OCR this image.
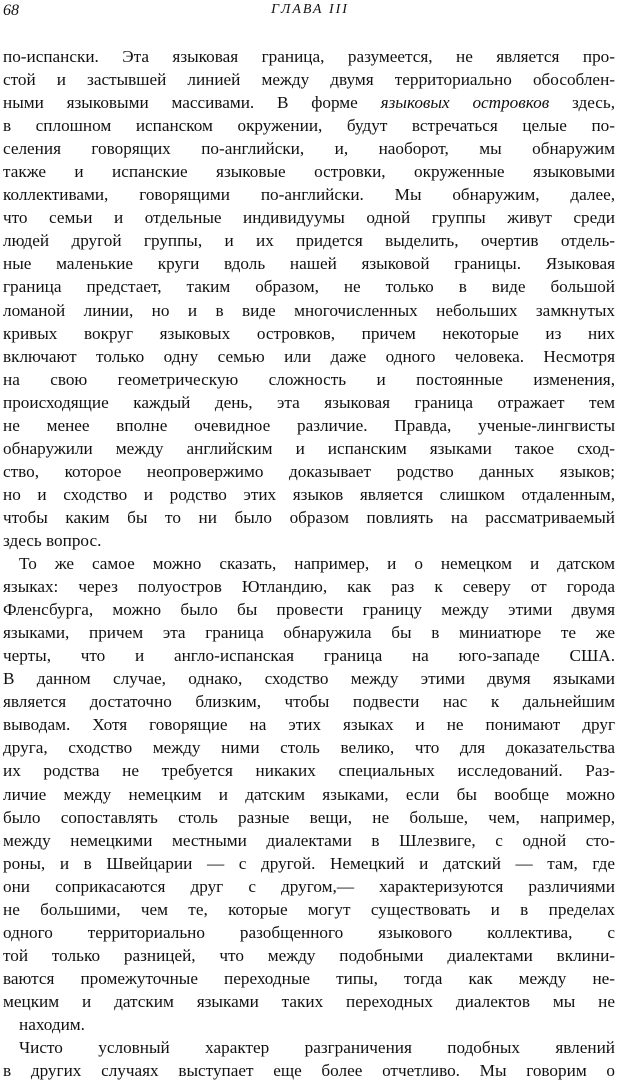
68	ГЛАВА III
по-испански. Эта языковая граница, разумеется, не является про-
стой и застывшей линией между двумя территориально обособлен-
ными языковыми массивами. В форме языковых островков здесь,
в сплошном испанском окружении, будут встречаться целые по-
селения говорящих по-английски, и, наоборот, мы обнаружим
также и испанские языковые островки, окруженные языковыми
коллективами, говорящими по-английски. Мы обнаружим, далее,
что семьи и отдельные индивидуумы одной группы живут среди
людей другой группы, и их придется выделить, очертив отдель-
ные маленькие круги вдоль нашей языковой границы. Языковая
граница предстает, таким образом, не только в виде большой
ломаной линии, но и в виде многочисленных небольших замкнутых
кривых вокруг языковых островков, причем некоторые из них
включают только одну семью или даже одного человека. Несмотря
на свою геометрическую сложность и постоянные изменения,
происходящие каждый день, эта языковая граница отражает тем
не менее вполне очевидное различие. Правда, ученые-лингвисты
обнаружили между английским и испанским языками такое сход-
ство, которое неопровержимо доказывает родство данных языков;
но и сходство и родство этих языков является слишком отдаленным,
чтобы каким бы то ни было образом повлиять на рассматриваемый
здесь вопрос.
То же самое можно сказать, например, и о немецком и датском
языках: через полуостров Ютландию, как раз к северу от города
Фленсбурга, можно было бы провести границу между этими двумя
языками, причем эта граница обнаружила бы в миниатюре те же
черты, что и англо-испанская граница на юго-западе США.
В данном случае, однако, сходство между этими двумя языками
является достаточно близким, чтобы подвести нас к дальнейшим
выводам. Хотя говорящие на этих языках и не понимают друг
друга, сходство между ними столь велико, что для доказательства
их родства не требуется никаких специальных исследований. Раз-
личие между немецким и датским языками, если бы вообще можно
было сопоставлять столь разные вещи, не больше, чем, например,
между немецкими местными диалектами в Шлезвиге, с одной сто-
роны, и в Швейцарии — с другой. Немецкий и датский — там, где
они соприкасаются друг с другом,— характеризуются различиями
не большими, чем те, которые могут существовать и в пределах
одного территориально разобщенного языкового коллектива, с
той только разницей, что между подобными диалектами вклини-
ваются промежуточные переходные типы, тогда как между не-
мецким и датским языками таких переходных диалектов мы не
находим.
Чисто условный характер разграничения подобных явлений
в других случаях выступает еще более отчетливо. Мы говорим о
